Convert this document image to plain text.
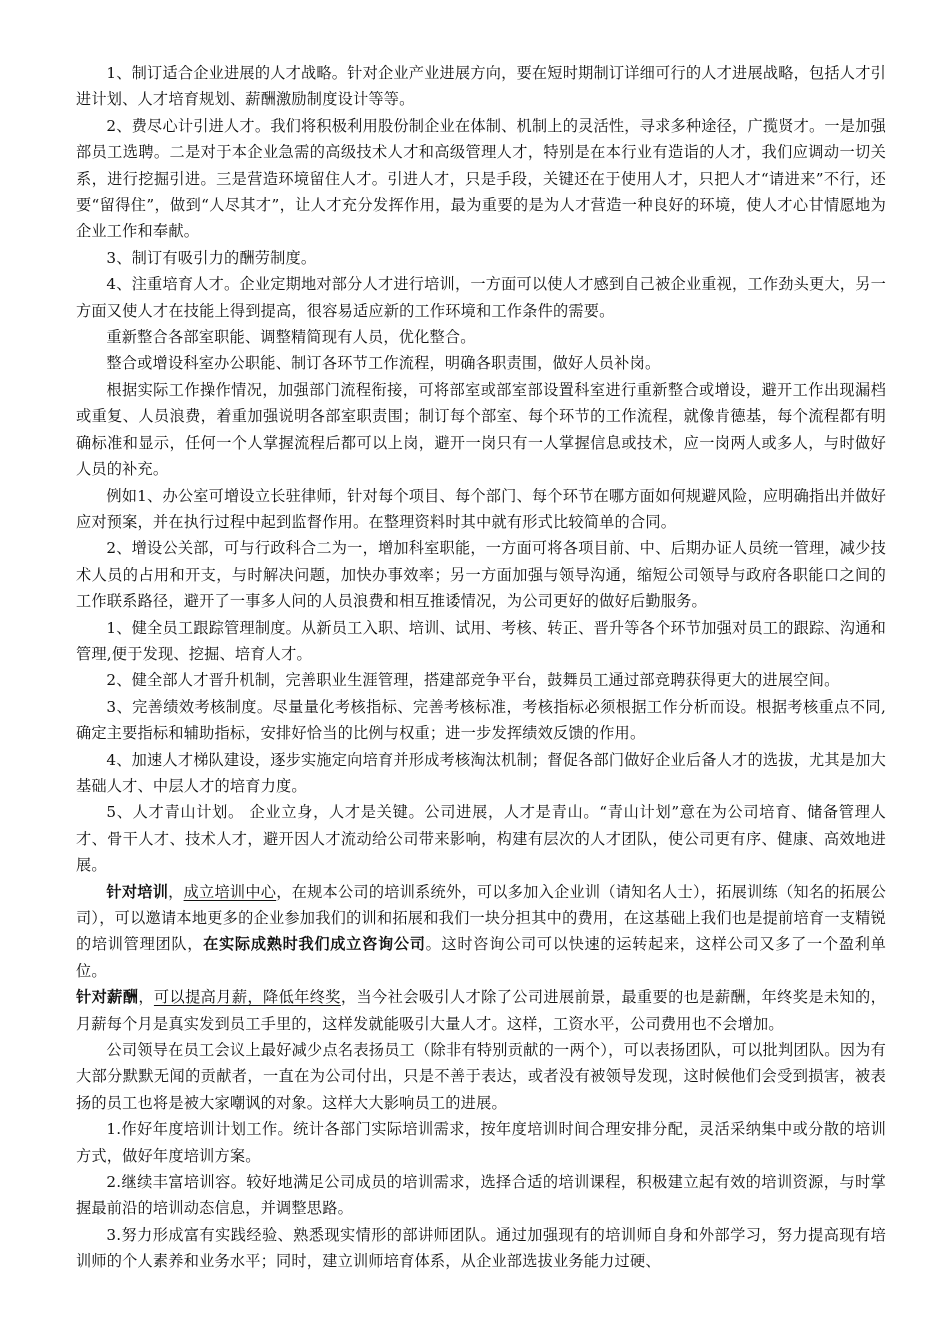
1、制订适合企业进展的人才战略。针对企业产业进展方向，要在短时期制订详细可行的人才进展战略，包括人才引进计划、人才培育规划、薪酬激励制度设计等等。

2、费尽心计引进人才。我们将积极利用股份制企业在体制、机制上的灵活性，寻求多种途径，广揽贤才。一是加强部员工选聘。二是对于本企业急需的高级技术人才和高级管理人才，特别是在本行业有造诣的人才，我们应调动一切关系，进行挖掘引进。三是营造环境留住人才。引进人才，只是手段，关键还在于使用人才，只把人才“请进来”不行，还要“留得住”，做到“人尽其才”，让人才充分发挥作用，最为重要的是为人才营造一种良好的环境，使人才心甘情愿地为企业工作和奉献。

3、制订有吸引力的酬劳制度。

4、注重培育人才。企业定期地对部分人才进行培训，一方面可以使人才感到自己被企业重视，工作劲头更大，另一方面又使人才在技能上得到提高，很容易适应新的工作环境和工作条件的需要。

重新整合各部室职能、调整精简现有人员，优化整合。

整合或增设科室办公职能、制订各环节工作流程，明确各职责围，做好人员补岗。

根据实际工作操作情况，加强部门流程衔接，可将部室或部室部设置科室进行重新整合或增设，避开工作出现漏档或重复、人员浪费，着重加强说明各部室职责围；制订每个部室、每个环节的工作流程，就像肯德基，每个流程都有明确标准和显示，任何一个人掌握流程后都可以上岗，避开一岗只有一人掌握信息或技术，应一岗两人或多人，与时做好人员的补充。

例如1、办公室可增设立长驻律师，针对每个项目、每个部门、每个环节在哪方面如何规避风险，应明确指出并做好应对预案，并在执行过程中起到监督作用。在整理资料时其中就有形式比较简单的合同。

2、增设公关部，可与行政科合二为一，增加科室职能，一方面可将各项目前、中、后期办证人员统一管理，减少技术人员的占用和开支，与时解决问题，加快办事效率；另一方面加强与领导沟通，缩短公司领导与政府各职能口之间的工作联系路径，避开了一事多人问的人员浪费和相互推诿情况，为公司更好的做好后勤服务。

1、健全员工跟踪管理制度。从新员工入职、培训、试用、考核、转正、晋升等各个环节加强对员工的跟踪、沟通和管理,便于发现、挖掘、培育人才。

2、健全部人才晋升机制，完善职业生涯管理，搭建部竞争平台，鼓舞员工通过部竞聘获得更大的进展空间。

3、完善绩效考核制度。尽量量化考核指标、完善考核标准，考核指标必须根据工作分析而设。根据考核重点不同,确定主要指标和辅助指标，安排好恰当的比例与权重；进一步发挥绩效反馈的作用。

4、加速人才梯队建设，逐步实施定向培育并形成考核淘汰机制；督促各部门做好企业后备人才的选拔，尤其是加大基础人才、中层人才的培育力度。

5、人才青山计划。 企业立身，人才是关键。公司进展，人才是青山。“青山计划”意在为公司培育、储备管理人才、骨干人才、技术人才，避开因人才流动给公司带来影响，构建有层次的人才团队，使公司更有序、健康、高效地进展。

针对培训，成立培训中心，在规本公司的培训系统外，可以多加入企业训（请知名人士），拓展训练（知名的拓展公司），可以邀请本地更多的企业参加我们的训和拓展和我们一块分担其中的费用，在这基础上我们也是提前培育一支精锐的培训管理团队，在实际成熟时我们成立咨询公司。这时咨询公司可以快速的运转起来，这样公司又多了一个盈利单位。

针对薪酬，可以提高月薪，降低年终奖，当今社会吸引人才除了公司进展前景，最重要的也是薪酬，年终奖是未知的，月薪每个月是真实发到员工手里的，这样发就能吸引大量人才。这样，工资水平，公司费用也不会增加。

公司领导在员工会议上最好减少点名表扬员工（除非有特别贡献的一两个），可以表扬团队，可以批判团队。因为有大部分默默无闻的贡献者，一直在为公司付出，只是不善于表达，或者没有被领导发现，这时候他们会受到损害，被表扬的员工也将是被大家嘲讽的对象。这样大大影响员工的进展。

1.作好年度培训计划工作。统计各部门实际培训需求，按年度培训时间合理安排分配，灵活采纳集中或分散的培训方式，做好年度培训方案。

2.继续丰富培训容。较好地满足公司成员的培训需求，选择合适的培训课程，积极建立起有效的培训资源，与时掌握最前沿的培训动态信息，并调整思路。

3.努力形成富有实践经验、熟悉现实情形的部讲师团队。通过加强现有的培训师自身和外部学习，努力提高现有培训师的个人素养和业务水平；同时，建立训师培育体系，从企业部选拔业务能力过硬、
